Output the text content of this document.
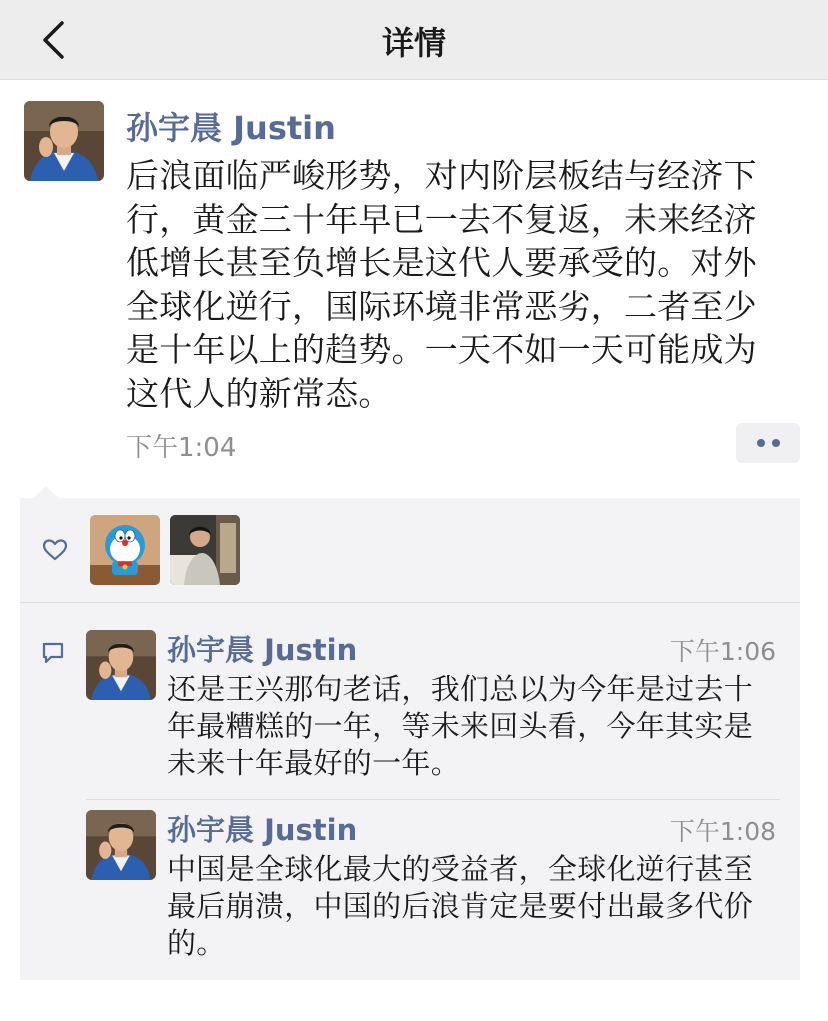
详情
孙宇晨 Justin
后浪面临严峻形势，对内阶层板结与经济下行，黄金三十年早已一去不复返，未来经济低增长甚至负增长是这代人要承受的。对外全球化逆行，国际环境非常恶劣，二者至少是十年以上的趋势。一天不如一天可能成为这代人的新常态。
下午1:04
孙宇晨 Justin	下午1:06
还是王兴那句老话，我们总以为今年是过去十年最糟糕的一年，等未来回头看，今年其实是未来十年最好的一年。
孙宇晨 Justin	下午1:08
中国是全球化最大的受益者，全球化逆行甚至最后崩溃，中国的后浪肯定是要付出最多代价的。
